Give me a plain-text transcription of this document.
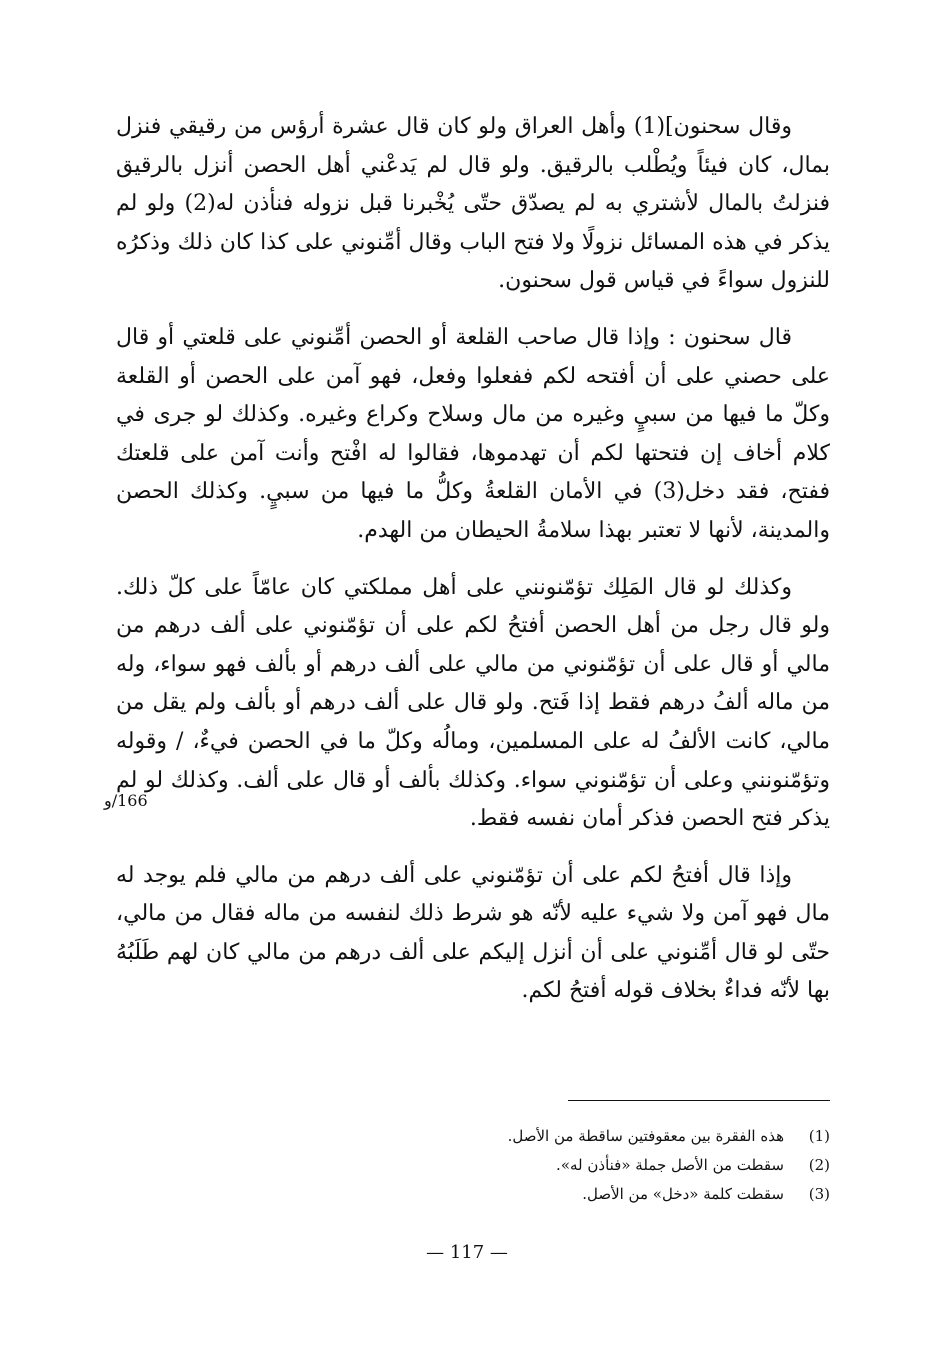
وقال سحنون](1) وأهل العراق ولو كان قال عشرة أرؤس من رقيقي فنزل بمال، كان فيئاً ويُطْلب بالرقيق. ولو قال لم يَدعْني أهل الحصن أنزل بالرقيق فنزلتُ بالمال لأشتري به لم يصدّق حتّى يُخْبرنا قبل نزوله فنأذن له(2) ولو لم يذكر في هذه المسائل نزولًا ولا فتح الباب وقال أمِّنوني على كذا كان ذلك وذكرُه للنزول سواءً في قياس قول سحنون.

قال سحنون : وإذا قال صاحب القلعة أو الحصن أمِّنوني على قلعتي أو قال على حصني على أن أفتحه لكم ففعلوا وفعل، فهو آمن على الحصن أو القلعة وكلّ ما فيها من سبيٍ وغيره من مال وسلاح وكراع وغيره. وكذلك لو جرى في كلام أخاف إن فتحتها لكم أن تهدموها، فقالوا له افْتح وأنت آمن على قلعتك ففتح، فقد دخل(3) في الأمان القلعةُ وكلُّ ما فيها من سبيٍ. وكذلك الحصن والمدينة، لأنها لا تعتبر بهذا سلامةُ الحيطان من الهدم.

وكذلك لو قال المَلِك تؤمّنونني على أهل مملكتي كان عامّاً على كلّ ذلك. ولو قال رجل من أهل الحصن أفتحُ لكم على أن تؤمّنوني على ألف درهم من مالي أو قال على أن تؤمّنوني من مالي على ألف درهم أو بألف فهو سواء، وله من ماله ألفُ درهم فقط إذا فَتح. ولو قال على ألف درهم أو بألف ولم يقل من مالي، كانت الألفُ له على المسلمين، ومالُه وكلّ ما في الحصن فيءٌ، / وقوله وتؤمّنونني وعلى أن تؤمّنوني سواء. وكذلك بألف أو قال على ألف. وكذلك لو لم يذكر فتح الحصن فذكر أمان نفسه فقط.

وإذا قال أفتحُ لكم على أن تؤمّنوني على ألف درهم من مالي فلم يوجد له مال فهو آمن ولا شيء عليه لأنّه هو شرط ذلك لنفسه من ماله فقال من مالي، حتّى لو قال أمِّنوني على أن أنزل إليكم على ألف درهم من مالي كان لهم طَلَبُهُ بها لأنّه فداءٌ بخلاف قوله أفتحُ لكم.

166/و
(1)
هذه الفقرة بين معقوفتين ساقطة من الأصل.
(2)
سقطت من الأصل جملة «فنأذن له».
(3)
سقطت كلمة «دخل» من الأصل.
— 117 —
